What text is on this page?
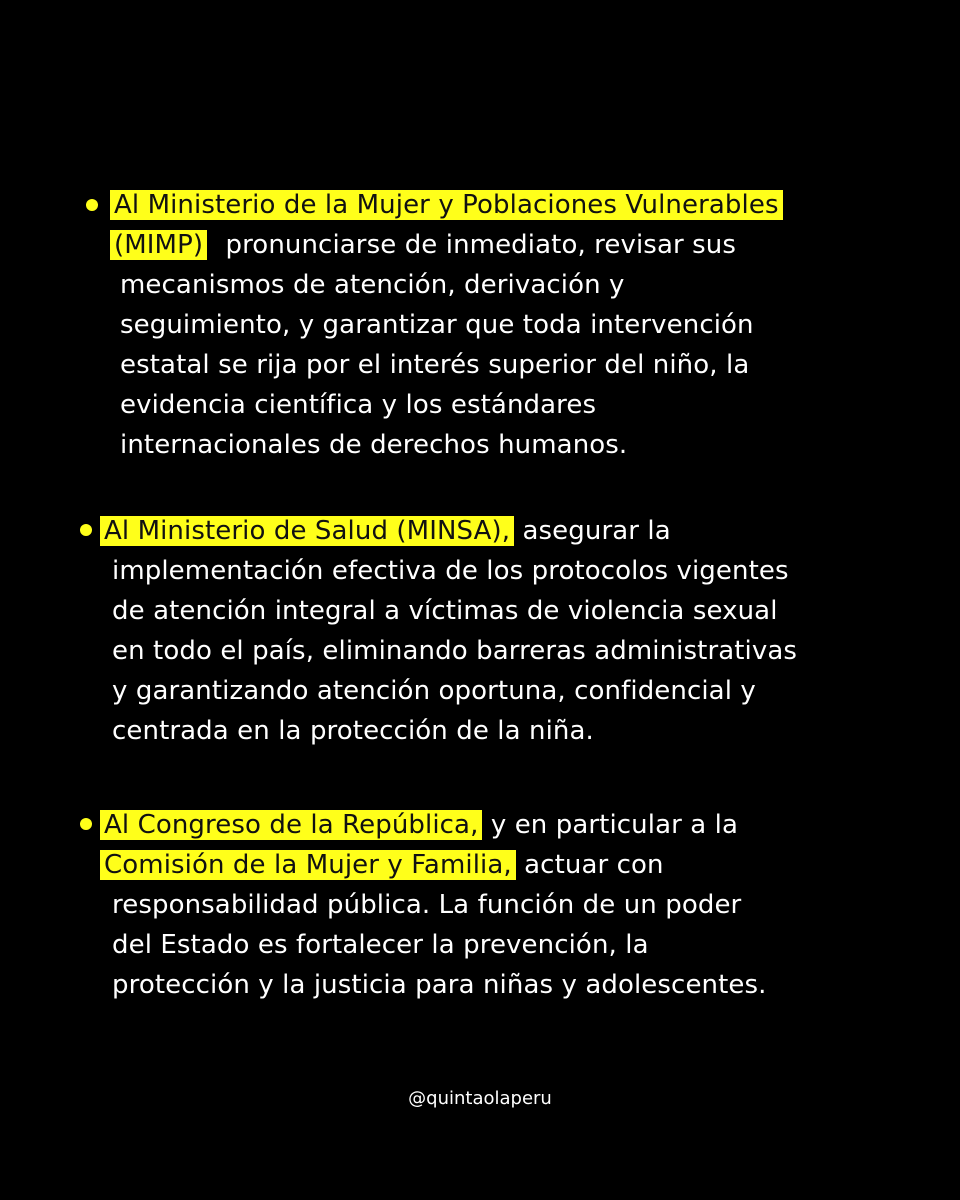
Al Ministerio de la Mujer y Poblaciones Vulnerables
(MIMP) pronunciarse de inmediato, revisar sus
mecanismos de atención, derivación y
seguimiento, y garantizar que toda intervención
estatal se rija por el interés superior del niño, la
evidencia científica y los estándares
internacionales de derechos humanos.
Al Ministerio de Salud (MINSA), asegurar la
implementación efectiva de los protocolos vigentes
de atención integral a víctimas de violencia sexual
en todo el país, eliminando barreras administrativas
y garantizando atención oportuna, confidencial y
centrada en la protección de la niña.
Al Congreso de la República, y en particular a la
Comisión de la Mujer y Familia, actuar con
responsabilidad pública. La función de un poder
del Estado es fortalecer la prevención, la
protección y la justicia para niñas y adolescentes.
@quintaolaperu
